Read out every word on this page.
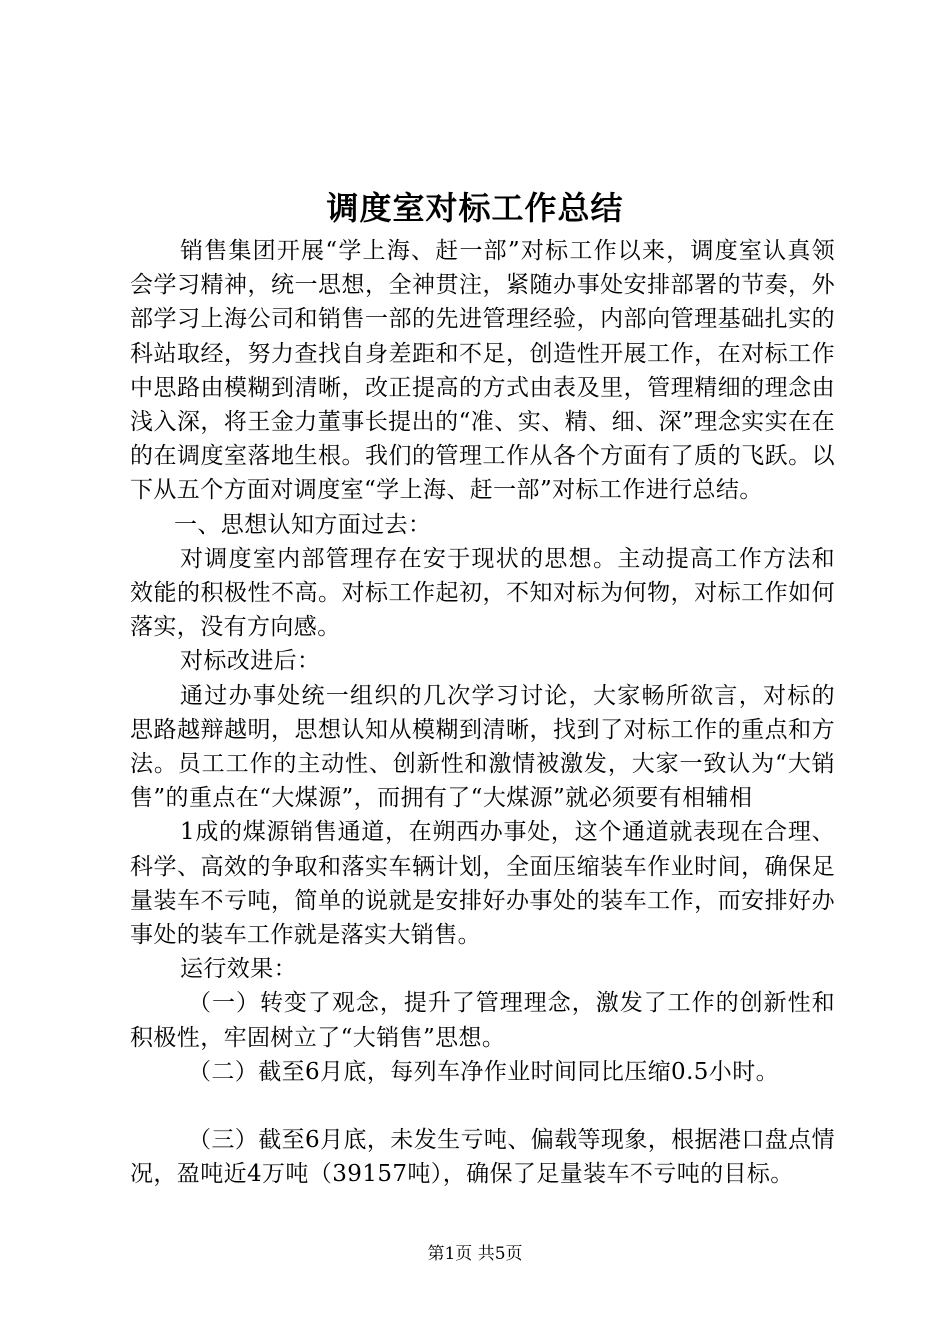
调度室对标工作总结

销售集团开展“学上海、赶一部”对标工作以来，调度室认真领会学习精神，统一思想，全神贯注，紧随办事处安排部署的节奏，外部学习上海公司和销售一部的先进管理经验，内部向管理基础扎实的科站取经，努力查找自身差距和不足，创造性开展工作，在对标工作中思路由模糊到清晰，改正提高的方式由表及里，管理精细的理念由浅入深，将王金力董事长提出的“准、实、精、细、深”理念实实在在的在调度室落地生根。我们的管理工作从各个方面有了质的飞跃。以下从五个方面对调度室“学上海、赶一部”对标工作进行总结。

一、思想认知方面过去：

对调度室内部管理存在安于现状的思想。主动提高工作方法和效能的积极性不高。对标工作起初，不知对标为何物，对标工作如何落实，没有方向感。

对标改进后：

通过办事处统一组织的几次学习讨论，大家畅所欲言，对标的思路越辩越明，思想认知从模糊到清晰，找到了对标工作的重点和方法。员工工作的主动性、创新性和激情被激发，大家一致认为“大销售”的重点在“大煤源”，而拥有了“大煤源”就必须要有相辅相

1成的煤源销售通道，在朔西办事处，这个通道就表现在合理、科学、高效的争取和落实车辆计划，全面压缩装车作业时间，确保足量装车不亏吨，简单的说就是安排好办事处的装车工作，而安排好办事处的装车工作就是落实大销售。

运行效果：

（一）转变了观念，提升了管理理念，激发了工作的创新性和积极性，牢固树立了“大销售”思想。

（二）截至6月底，每列车净作业时间同比压缩0.5小时。

（三）截至6月底，未发生亏吨、偏载等现象，根据港口盘点情况，盈吨近4万吨（39157吨），确保了足量装车不亏吨的目标。

第1页 共5页
